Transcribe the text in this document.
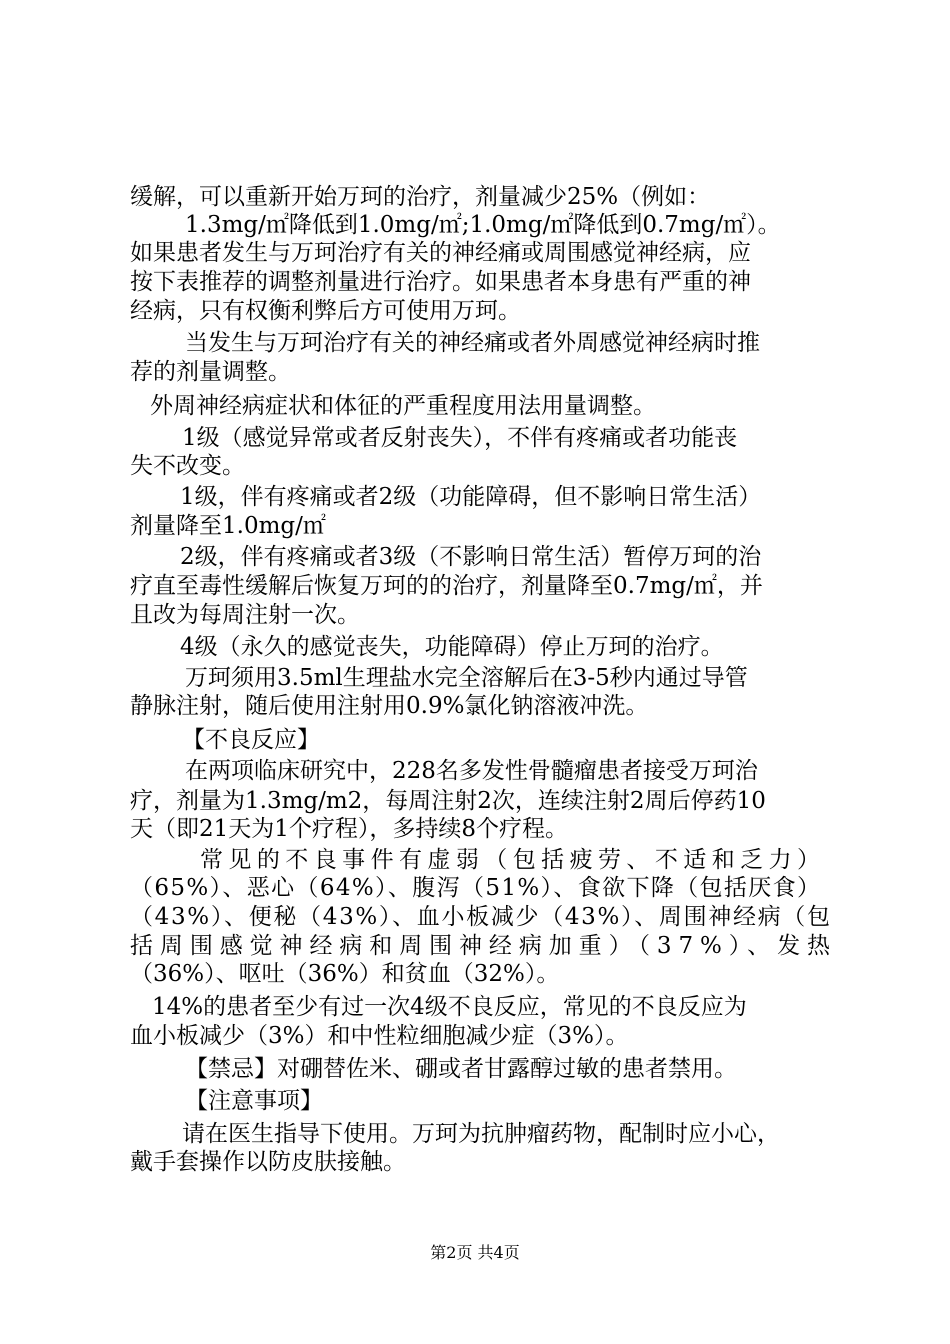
缓解，可以重新开始万珂的治疗，剂量减少25%（例如：
1.3mg/㎡降低到1.0mg/㎡;1.0mg/㎡降低到0.7mg/㎡）。
如果患者发生与万珂治疗有关的神经痛或周围感觉神经病，应
按下表推荐的调整剂量进行治疗。如果患者本身患有严重的神
经病，只有权衡利弊后方可使用万珂。
当发生与万珂治疗有关的神经痛或者外周感觉神经病时推
荐的剂量调整。
外周神经病症状和体征的严重程度用法用量调整。
1级（感觉异常或者反射丧失），不伴有疼痛或者功能丧
失不改变。
1级，伴有疼痛或者2级（功能障碍，但不影响日常生活）
剂量降至1.0mg/㎡
2级，伴有疼痛或者3级（不影响日常生活）暂停万珂的治
疗直至毒性缓解后恢复万珂的的治疗，剂量降至0.7mg/㎡，并
且改为每周注射一次。
4级（永久的感觉丧失，功能障碍）停止万珂的治疗。
万珂须用3.5ml生理盐水完全溶解后在3-5秒内通过导管
静脉注射，随后使用注射用0.9%氯化钠溶液冲洗。
【不良反应】
在两项临床研究中，228名多发性骨髓瘤患者接受万珂治
疗，剂量为1.3mg/m2，每周注射2次，连续注射2周后停药10
天（即21天为1个疗程），多持续8个疗程。
常见的不良事件有虚弱（包括疲劳、不适和乏力）
（65%）、恶心（64%）、腹泻（51%）、食欲下降（包括厌食）
（43%）、便秘（43%）、血小板减少（43%）、周围神经病（包
括周围感觉神经病和周围神经病加重）（37%）、发热
（36%）、呕吐（36%）和贫血（32%）。
14%的患者至少有过一次4级不良反应，常见的不良反应为
血小板减少（3%）和中性粒细胞减少症（3%）。
【禁忌】对硼替佐米、硼或者甘露醇过敏的患者禁用。
【注意事项】
请在医生指导下使用。万珂为抗肿瘤药物，配制时应小心，
戴手套操作以防皮肤接触。
第2页 共4页
